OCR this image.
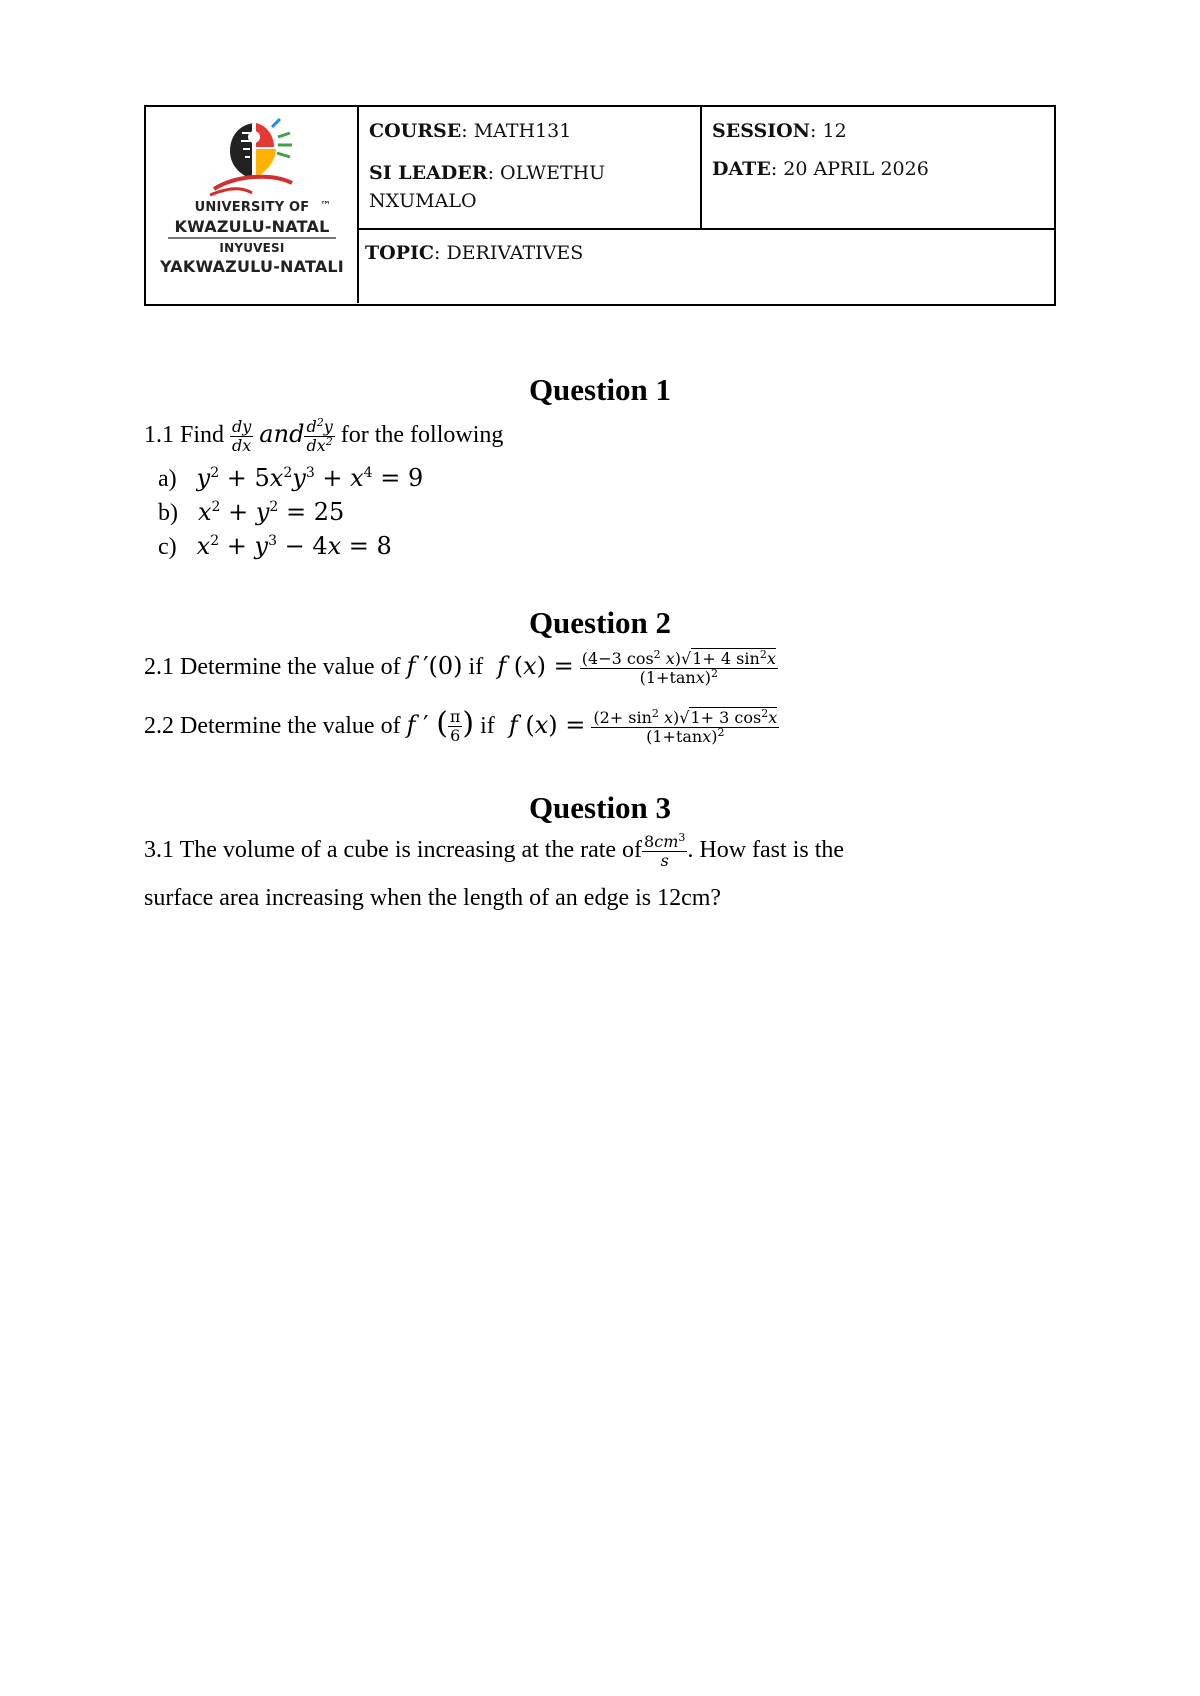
UNIVERSITY OF ™
KWAZULU-NATAL
INYUVESI
YAKWAZULU-NATALI
COURSE: MATH131
SI LEADER: OLWETHU
NXUMALO
SESSION: 12
DATE: 20 APRIL 2026
TOPIC: DERIVATIVES
Question 1
1.1 Find $\frac{dy}{dx}$ and $\frac{d^2y}{dx^2}$ for the following
a) $y^2 + 5x^2y^3 + x^4 = 9$
b) $x^2 + y^2 = 25$
c) $x^2 + y^3 - 4x = 8$
Question 2
2.1 Determine the value of f ′(0) if f $(x) = \frac{(4-3 \cos^2 x)√1+ 4 \sin^2x}{(1+\tan x)^2}$
2.2 Determine the value of f ′ ( $\frac{\pi}{6}$ ) if f $(x) = \frac{(2+ \sin^2 x)√1+ 3 \cos^2x}{(1+\tan x)^2}$
Question 3
3.1 The volume of a cube is increasing at the rate of $\frac{8cm^3}{s}$ . How fast is the
surface area increasing when the length of an edge is 12cm?
